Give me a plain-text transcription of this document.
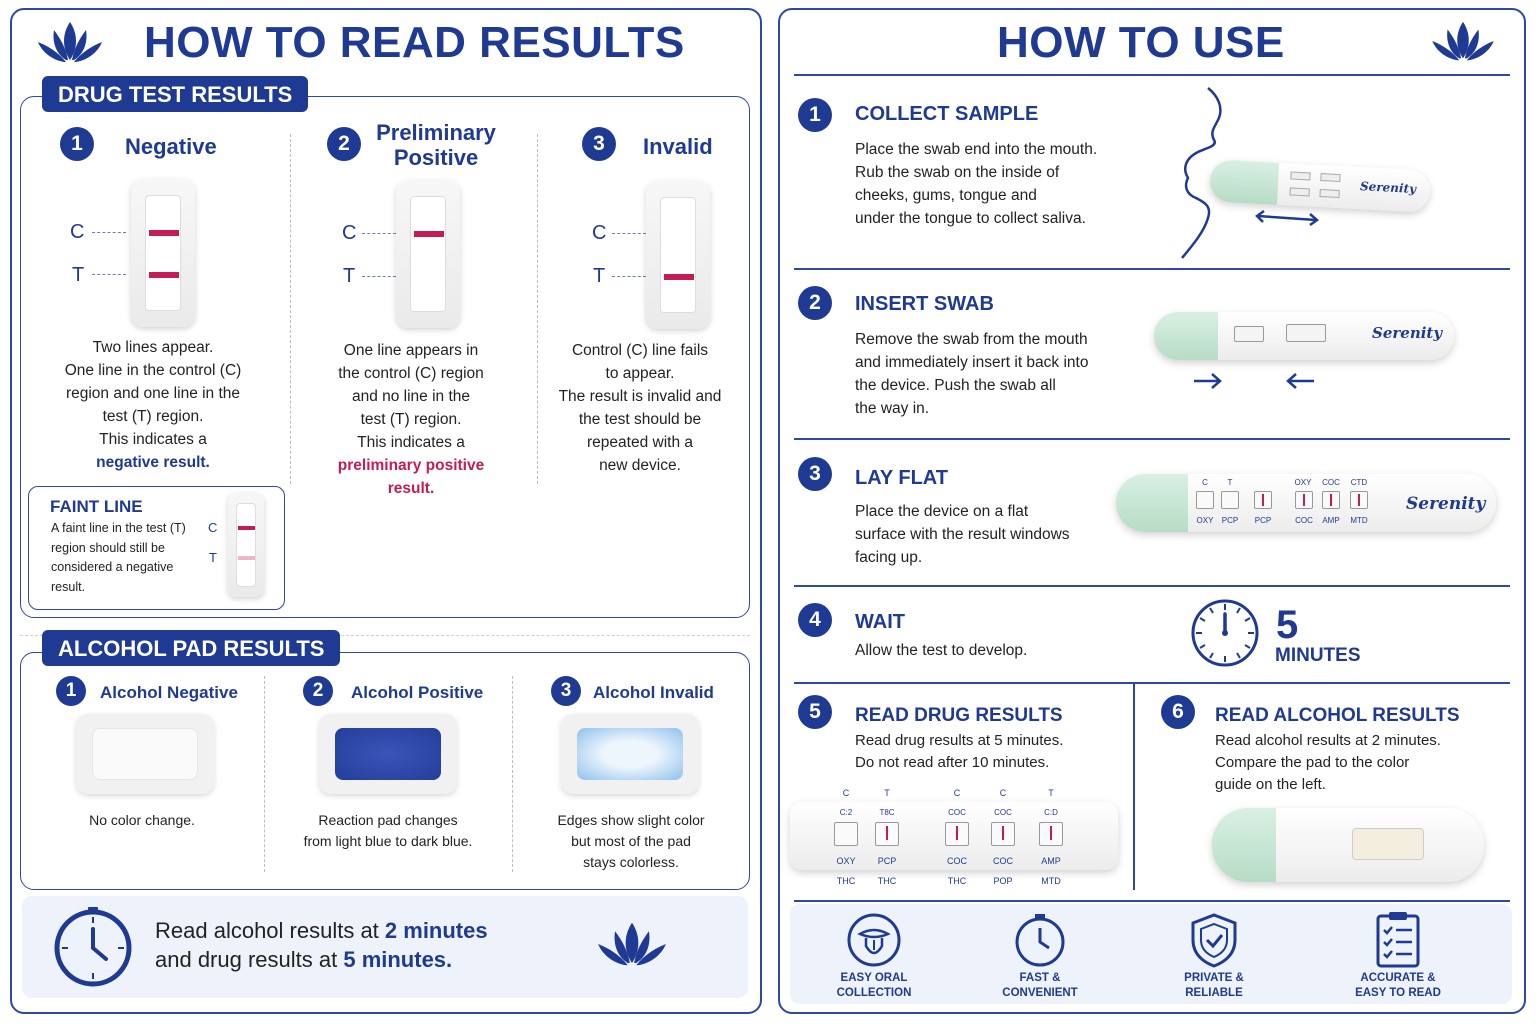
HOW TO READ RESULTS
DRUG TEST RESULTS
1	Negative
C
T
Two lines appear.
One line in the control (C)
region and one line in the
test (T) region.
This indicates a
negative result.
2	Preliminary
Positive
C
T
One line appears in
the control (C) region
and no line in the
test (T) region.
This indicates a
preliminary positive
result.
3	Invalid
C
T
Control (C) line fails
to appear.
The result is invalid and
the test should be
repeated with a
new device.
FAINT LINE
A faint line in the test (T)
region should still be
considered a negative
result.
C
T
ALCOHOL PAD RESULTS
1	Alcohol Negative
No color change.
2	Alcohol Positive
Reaction pad changes
from light blue to dark blue.
3	Alcohol Invalid
Edges show slight color
but most of the pad
stays colorless.
Read alcohol results at 2 minutes
and drug results at 5 minutes.
HOW TO USE
1	COLLECT SAMPLE
Place the swab end into the mouth.
Rub the swab on the inside of
cheeks, gums, tongue and
under the tongue to collect saliva.
Serenity
2	INSERT SWAB
Remove the swab from the mouth
and immediately insert it back into
the device. Push the swab all
the way in.
Serenity
3	LAY FLAT
Place the device on a flat
surface with the result windows
facing up.
Serenity
C	T	OXY	COC	CTD
OXY	PCP	PCP	COC	AMP	MTD
4	WAIT
Allow the test to develop.
5
MINUTES
5	READ DRUG RESULTS
Read drug results at 5 minutes.
Do not read after 10 minutes.
C	T	C	C	T
C:2	T8C	COC	COC	C:D
OXY	PCP	COC	COC	AMP
THC	THC	THC	POP	MTD
6	READ ALCOHOL RESULTS
Read alcohol results at 2 minutes.
Compare the pad to the color
guide on the left.
EASY ORAL
COLLECTION
FAST &
CONVENIENT
PRIVATE &
RELIABLE
ACCURATE &
EASY TO READ
